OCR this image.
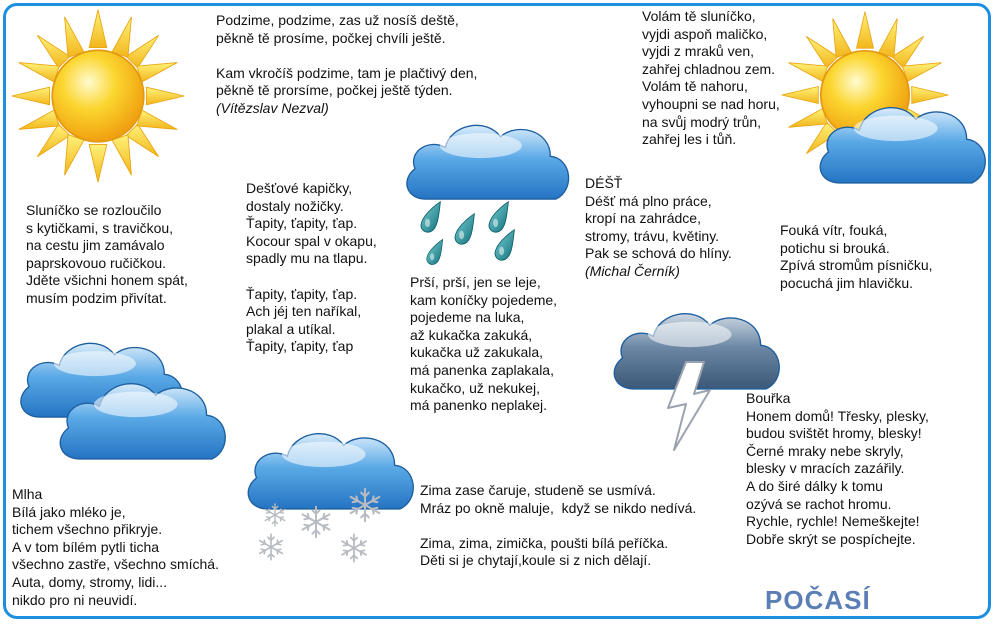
Podzime, podzime, zas už nosíš deště,
pěkně tě prosíme, počkej chvíli ještě.

Kam vkročíš podzime, tam je plačtivý den,
pěkně tě prorsíme, počkej ještě týden.
(Vítězslav Nezval)
Sluníčko se rozloučilo
s kytičkami, s travičkou,
na cestu jim zamávalo
paprskovouo ručičkou.
Jděte všichni honem spát,
musím podzim přivítat.
Dešťové kapičky,
dostaly nožičky.
Ťapity, ťapity, ťap.
Kocour spal v okapu,
spadly mu na tlapu.

Ťapity, ťapity, ťap.
Ach jéj ten naříkal,
plakal a utíkal.
Ťapity, ťapity, ťap
Prší, prší, jen se leje,
kam koníčky pojedeme,
pojedeme na luka,
až kukačka zakuká,
kukačka už zakukala,
má panenka zaplakala,
kukačko, už nekukej,
má panenko neplakej.
DÉŠŤ
Déšť má plno práce,
kropí na zahrádce,
stromy, trávu, květiny.
Pak se schová do hlíny.
(Michal Černík)
Volám tě sluníčko,
vyjdi aspoň maličko,
vyjdi z mraků ven,
zahřej chladnou zem.
Volám tě nahoru,
vyhoupni se nad horu,
na svůj modrý trůn,
zahřej les i tůň.
Fouká vítr, fouká,
potichu si brouká.
Zpívá stromům písničku,
pocuchá jim hlavičku.
Mlha
Bílá jako mléko je,
tichem všechno přikryje.
A v tom bílém pytli ticha
všechno zastře, všechno smíchá.
Auta, domy, stromy, lidi...
nikdo pro ni neuvidí.
Zima zase čaruje, studeně se usmívá.
Mráz po okně maluje,  když se nikdo nedívá.

Zima, zima, zimička, poušti bílá peříčka.
Děti si je chytají,koule si z nich dělají.
Bouřka
Honem domů! Třesky, plesky,
budou svištět hromy, blesky!
Černé mraky nebe skryly,
blesky v mracích zazářily.
A do širé dálky k tomu
ozývá se rachot hromu.
Rychle, rychle! Nemeškejte!
Dobře skrýt se pospíchejte.
POČASÍ
